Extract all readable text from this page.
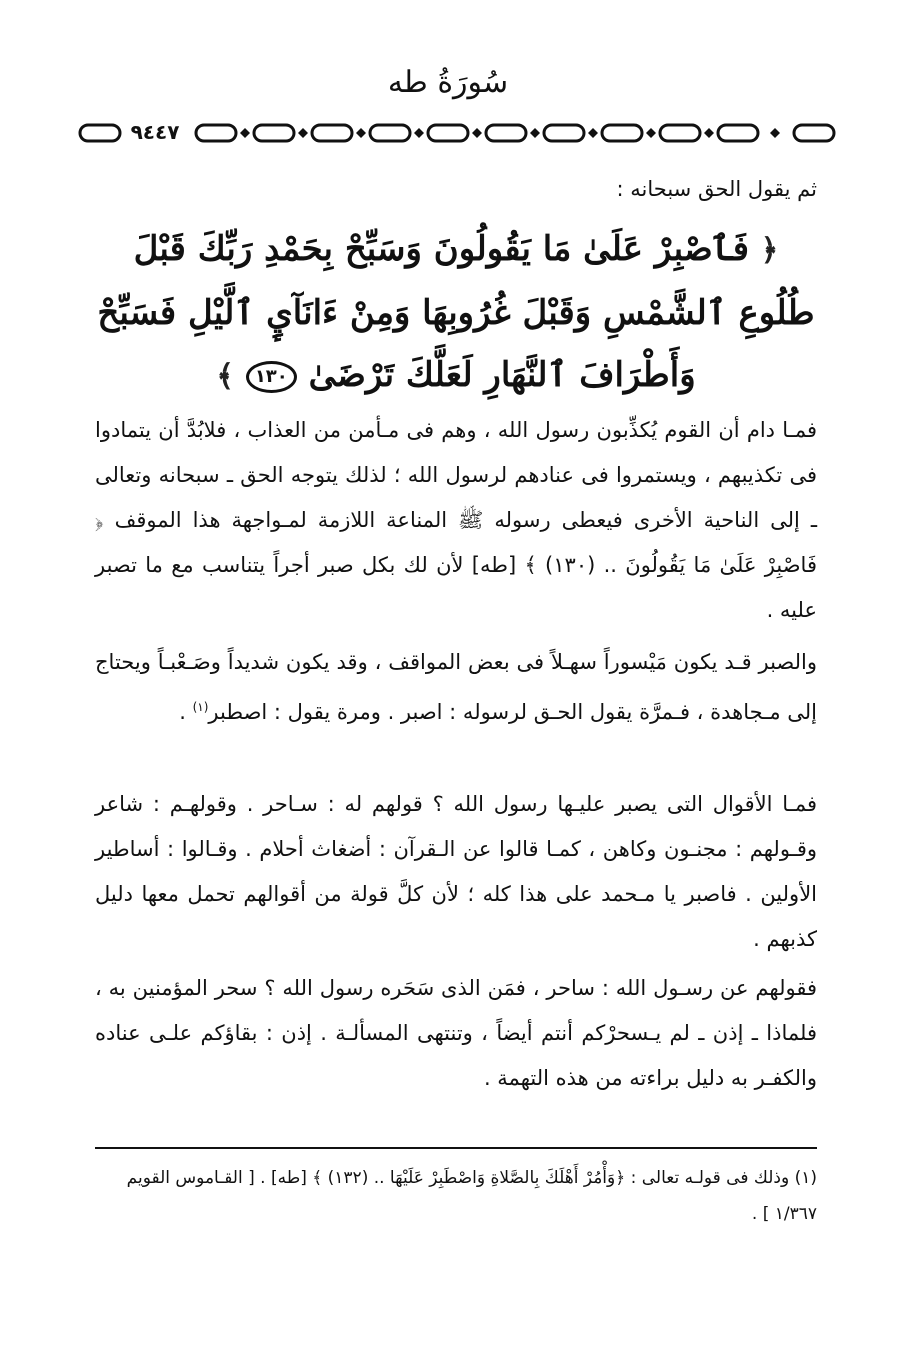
سُورَةُ طه
٩٤٤٧
ثم يقول الحق سبحانه :
﴿ فَٱصْبِرْ عَلَىٰ مَا يَقُولُونَ وَسَبِّحْ بِحَمْدِ رَبِّكَ قَبْلَ طُلُوعِ ٱلشَّمْسِ وَقَبْلَ غُرُوبِهَا وَمِنْ ءَانَآيِٕ ٱلَّيْلِ فَسَبِّحْ وَأَطْرَافَ ٱلنَّهَارِ لَعَلَّكَ تَرْضَىٰ ١٣٠ ﴾
فمـا دام أن القوم يُكذِّبون رسول الله ، وهم فى مـأمن من العذاب ، فلابُدَّ أن يتمادوا فى تكذيبهم ، ويستمروا فى عنادهم لرسول الله ؛ لذلك يتوجه الحق ـ سبحانه وتعالى ـ إلى الناحية الأخرى فيعطى رسوله ﷺ المناعة اللازمة لمـواجهة هذا الموقف ﴿ فَاصْبِرْ عَلَىٰ مَا يَقُولُونَ .. (١٣٠) ﴾ [طه] لأن لك بكل صبر أجراً يتناسب مع ما تصبر عليه .
والصبر قـد يكون مَيْسوراً سهـلاً فى بعض المواقف ، وقد يكون شديداً وصَـعْبـاً ويحتاج إلى مـجاهدة ، فـمرَّة يقول الحـق لرسوله : اصبر . ومرة يقول : اصطبر$^{(١)}$ .
فمـا الأقوال التى يصبر عليـها رسول الله ؟ قولهم له : سـاحر . وقولهـم : شاعر وقـولهم : مجنـون وكاهن ، كمـا قالوا عن الـقرآن : أضغاث أحلام . وقـالوا : أساطير الأولين . فاصبر يا مـحمد على هذا كله ؛ لأن كلَّ قولة من أقوالهم تحمل معها دليل كذبهم .
فقولهم عن رسـول الله : ساحر ، فمَن الذى سَحَره رسول الله ؟ سحر المؤمنين به ، فلماذا ـ إذن ـ لم يـسحرْكم أنتم أيضاً ، وتنتهى المسألـة . إذن : بقاؤكم علـى عناده والكفـر به دليل براءته من هذه التهمة .
(١) وذلك فى قولـه تعالى : ﴿وَأْمُرْ أَهْلَكَ بِالصَّلاةِ وَاصْطَبِرْ عَلَيْهَا .. (١٣٢) ﴾ [طه] . [ القـاموس القويم ١/٣٦٧ ] .
